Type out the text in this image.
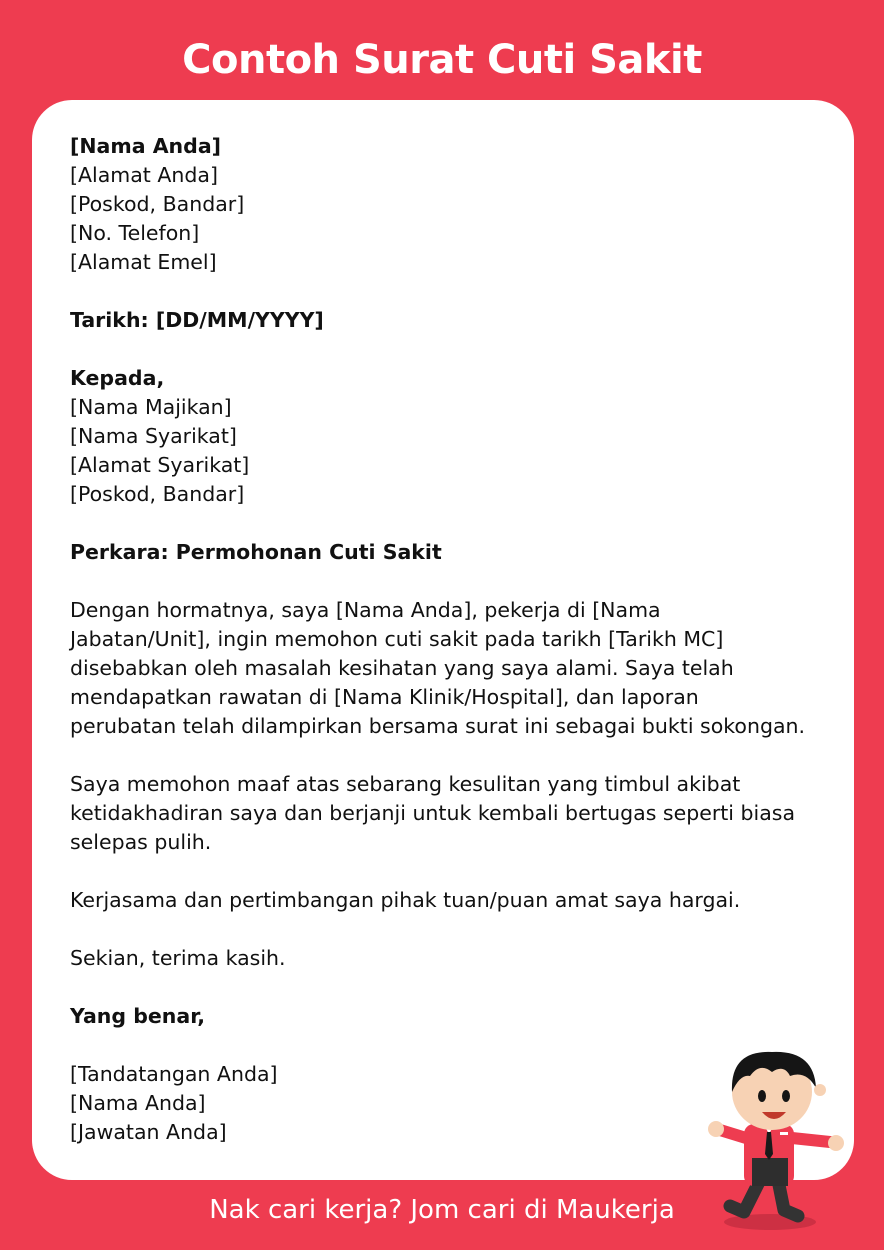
Contoh Surat Cuti Sakit
[Nama Anda]
[Alamat Anda]
[Poskod, Bandar]
[No. Telefon]
[Alamat Emel]
Tarikh: [DD/MM/YYYY]
Kepada,
[Nama Majikan]
[Nama Syarikat]
[Alamat Syarikat]
[Poskod, Bandar]
Perkara: Permohonan Cuti Sakit
Dengan hormatnya, saya [Nama Anda], pekerja di [Nama
Jabatan/Unit], ingin memohon cuti sakit pada tarikh [Tarikh MC]
disebabkan oleh masalah kesihatan yang saya alami. Saya telah
mendapatkan rawatan di [Nama Klinik/Hospital], dan laporan
perubatan telah dilampirkan bersama surat ini sebagai bukti sokongan.
Saya memohon maaf atas sebarang kesulitan yang timbul akibat
ketidakhadiran saya dan berjanji untuk kembali bertugas seperti biasa
selepas pulih.
Kerjasama dan pertimbangan pihak tuan/puan amat saya hargai.
Sekian, terima kasih.
Yang benar,
[Tandatangan Anda]
[Nama Anda]
[Jawatan Anda]
Nak cari kerja? Jom cari di Maukerja
